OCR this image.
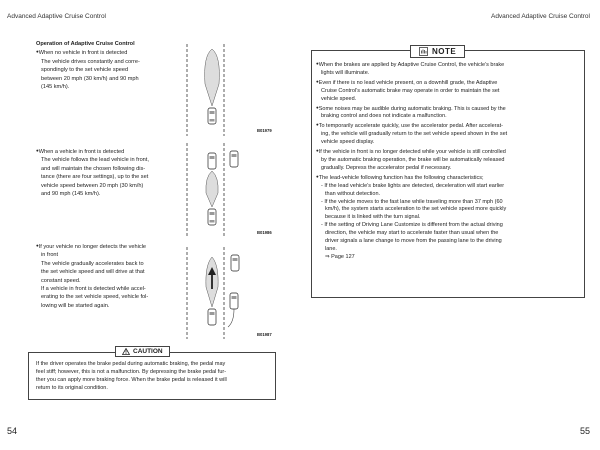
Advanced Adaptive Cruise Control	Advanced Adaptive Cruise Control
Operation of Adaptive Cruise Control
● When no vehicle in front is detected

The vehicle drives constantly and corre-

spondingly to the set vehicle speed

between 20 mph (30 km/h) and 90 mph

(145 km/h).

● When a vehicle in front is detected

The vehicle follows the lead vehicle in front,

and will maintain the chosen following dis-

tance (there are four settings), up to the set

vehicle speed between 20 mph (30 km/h)

and 90 mph (145 km/h).

● If your vehicle no longer detects the vehicle

in front

The vehicle gradually accelerates back to

the set vehicle speed and will drive at that

constant speed.

If a vehicle in front is detected while accel-

erating to the set vehicle speed, vehicle fol-

lowing will be started again.

B01979
B01986
B01987
CAUTION
If the driver operates the brake pedal during automatic braking, the pedal may
feel stiff; however, this is not a malfunction. By depressing the brake pedal fur-
ther you can apply more braking force. When the brake pedal is released it will
return to its original condition.
NOTE
● When the brakes are applied by Adaptive Cruise Control, the vehicle’s brake
lights will illuminate.
● Even if there is no lead vehicle present, on a downhill grade, the Adaptive
Cruise Control’s automatic brake may operate in order to maintain the set
vehicle speed.
● Some noises may be audible during automatic braking. This is caused by the
braking control and does not indicate a malfunction.
● To temporarily accelerate quickly, use the accelerator pedal. After accelerat-
ing, the vehicle will gradually return to the set vehicle speed shown in the set
vehicle speed display.
● If the vehicle in front is no longer detected while your vehicle is still controlled
by the automatic braking operation, the brake will be automatically released
gradually. Depress the accelerator pedal if necessary.
● The lead-vehicle following function has the following characteristics;
- If the lead vehicle’s brake lights are detected, deceleration will start earlier
than without detection.
- If the vehicle moves to the fast lane while traveling more than 37 mph (60
km/h), the system starts acceleration to the set vehicle speed more quickly
because it is linked with the turn signal.
- If the setting of Driving Lane Customize is different from the actual driving
direction, the vehicle may start to accelerate faster than usual when the
driver signals a lane change to move from the passing lane to the driving
lane.
⇒ Page 127
54	55
